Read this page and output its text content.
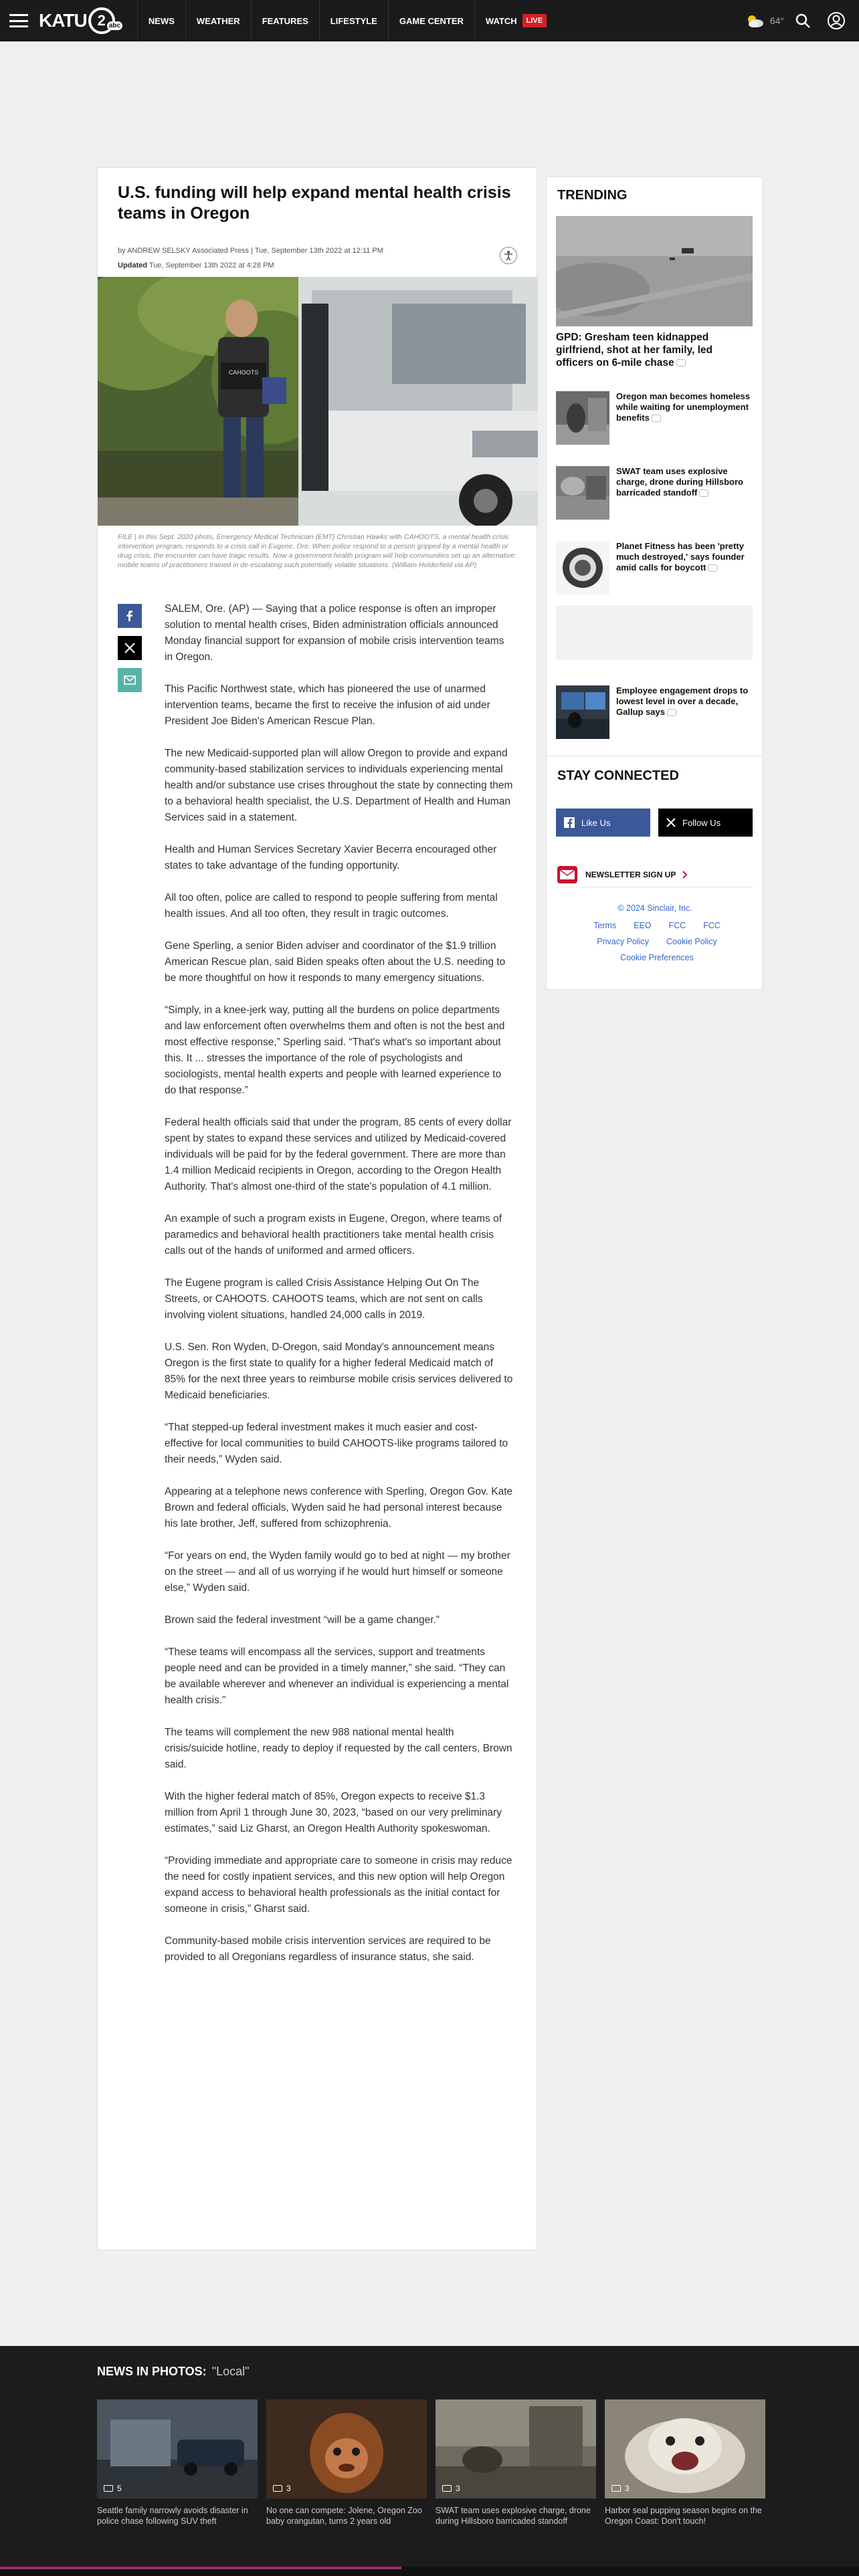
KATU 2 abc	NEWS	WEATHER	FEATURES	LIFESTYLE	GAME CENTER	WATCH	LIVE	64°
U.S. funding will help expand mental health crisis teams in Oregon
by ANDREW SELSKY Associated Press | Tue, September 13th 2022 at 12:11 PM
Updated Tue, September 13th 2022 at 4:28 PM
CAHOOTS
FILE | In this Sept. 2020 photo, Emergency Medical Technician (EMT) Christian Hawks with CAHOOTS, a mental health crisis intervention program, responds to a crisis call in Eugene, Ore. When police respond to a person gripped by a mental health or drug crisis, the encounter can have tragic results. Now a government health program will help communities set up an alternative: mobile teams of practitioners trained in de-escalating such potentially volatile situations. (William Holderfield via AP)

SALEM, Ore. (AP) — Saying that a police response is often an improper solution to mental health crises, Biden administration officials announced Monday financial support for expansion of mobile crisis intervention teams in Oregon.

This Pacific Northwest state, which has pioneered the use of unarmed intervention teams, became the first to receive the infusion of aid under President Joe Biden's American Rescue Plan.

The new Medicaid-supported plan will allow Oregon to provide and expand community-based stabilization services to individuals experiencing mental health and/or substance use crises throughout the state by connecting them to a behavioral health specialist, the U.S. Department of Health and Human Services said in a statement.

Health and Human Services Secretary Xavier Becerra encouraged other states to take advantage of the funding opportunity.

All too often, police are called to respond to people suffering from mental health issues. And all too often, they result in tragic outcomes.

Gene Sperling, a senior Biden adviser and coordinator of the $1.9 trillion American Rescue plan, said Biden speaks often about the U.S. needing to be more thoughtful on how it responds to many emergency situations.

“Simply, in a knee-jerk way, putting all the burdens on police departments and law enforcement often overwhelms them and often is not the best and most effective response,” Sperling said. “That's what's so important about this. It ... stresses the importance of the role of psychologists and sociologists, mental health experts and people with learned experience to do that response.”

Federal health officials said that under the program, 85 cents of every dollar spent by states to expand these services and utilized by Medicaid-covered individuals will be paid for by the federal government. There are more than 1.4 million Medicaid recipients in Oregon, according to the Oregon Health Authority. That's almost one-third of the state's population of 4.1 million.

An example of such a program exists in Eugene, Oregon, where teams of paramedics and behavioral health practitioners take mental health crisis calls out of the hands of uniformed and armed officers.

The Eugene program is called Crisis Assistance Helping Out On The Streets, or CAHOOTS. CAHOOTS teams, which are not sent on calls involving violent situations, handled 24,000 calls in 2019.

U.S. Sen. Ron Wyden, D-Oregon, said Monday's announcement means Oregon is the first state to qualify for a higher federal Medicaid match of 85% for the next three years to reimburse mobile crisis services delivered to Medicaid beneficiaries.

“That stepped-up federal investment makes it much easier and cost-effective for local communities to build CAHOOTS-like programs tailored to their needs,” Wyden said.

Appearing at a telephone news conference with Sperling, Oregon Gov. Kate Brown and federal officials, Wyden said he had personal interest because his late brother, Jeff, suffered from schizophrenia.

“For years on end, the Wyden family would go to bed at night — my brother on the street — and all of us worrying if he would hurt himself or someone else,” Wyden said.

Brown said the federal investment “will be a game changer.”

“These teams will encompass all the services, support and treatments people need and can be provided in a timely manner,” she said. “They can be available wherever and whenever an individual is experiencing a mental health crisis.”

The teams will complement the new 988 national mental health crisis/suicide hotline, ready to deploy if requested by the call centers, Brown said.

With the higher federal match of 85%, Oregon expects to receive $1.3 million from April 1 through June 30, 2023, “based on our very preliminary estimates,” said Liz Gharst, an Oregon Health Authority spokeswoman.

“Providing immediate and appropriate care to someone in crisis may reduce the need for costly inpatient services, and this new option will help Oregon expand access to behavioral health professionals as the initial contact for someone in crisis,” Gharst said.

Community-based mobile crisis intervention services are required to be provided to all Oregonians regardless of insurance status, she said.

TRENDING
GPD: Gresham teen kidnapped girlfriend, shot at her family, led officers on 6-mile chase
Oregon man becomes homeless while waiting for unemployment benefits
SWAT team uses explosive charge, drone during Hillsboro barricaded standoff
Planet Fitness has been 'pretty much destroyed,' says founder amid calls for boycott
Employee engagement drops to lowest level in over a decade, Gallup says
STAY CONNECTED
Like Us	Follow Us
NEWSLETTER SIGN UP
© 2024 Sinclair, Inc.
Terms EEO FCC FCC
Privacy Policy Cookie Policy
Cookie Preferences
NEWS IN PHOTOS: "Local"
5
Seattle family narrowly avoids disaster in police chase following SUV theft
3
No one can compete: Jolene, Oregon Zoo baby orangutan, turns 2 years old
3
SWAT team uses explosive charge, drone during Hillsboro barricaded standoff
3
Harbor seal pupping season begins on the Oregon Coast: Don't touch!
